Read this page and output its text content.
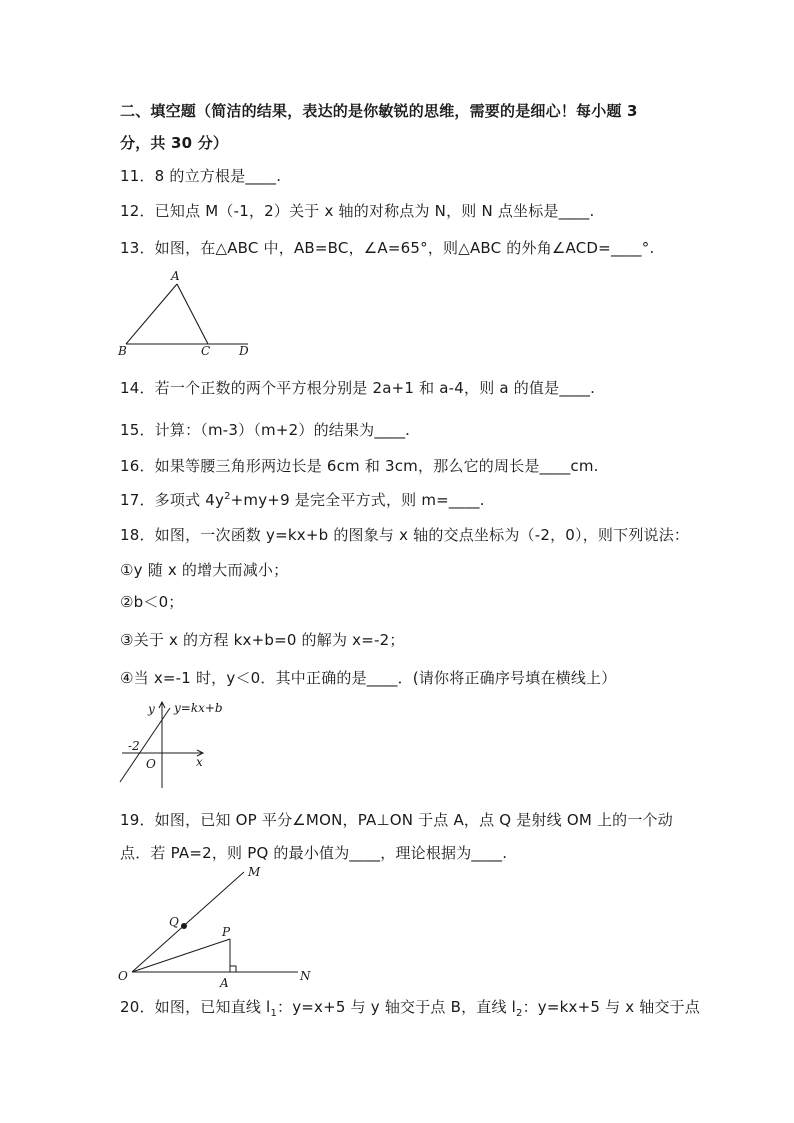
二、填空题（简洁的结果，表达的是你敏锐的思维，需要的是细心！每小题 3
分，共 30 分）
11．8 的立方根是____.
12．已知点 M（-1，2）关于 x 轴的对称点为 N，则 N 点坐标是____.
13．如图，在△ABC 中，AB=BC，∠A=65°，则△ABC 的外角∠ACD=____°.
A
B	C D
14．若一个正数的两个平方根分别是 2a+1 和 a-4，则 a 的值是____.
15．计算：（m-3）（m+2）的结果为____.
16．如果等腰三角形两边长是 6cm 和 3cm，那么它的周长是____cm.
17．多项式 $4y^2+my+9$ 是完全平方式，则 m=____.
18．如图，一次函数 y=kx+b 的图象与 x 轴的交点坐标为（-2，0），则下列说法：
①y 随 x 的增大而减小；
②b＜0；
③关于 x 的方程 kx+b=0 的解为 x=-2；
④当 x=-1 时，y＜0．其中正确的是____．(请你将正确序号填在横线上）
y y=kx+b
-2
O	x
19．如图，已知 OP 平分∠MON，PA⊥ON 于点 A，点 Q 是射线 OM 上的一个动
点．若 PA=2，则 PQ 的最小值为____，理论根据为____.
M
Q
P
O	A	N
20．如图，已知直线 $l_1$：y=x+5 与 y 轴交于点 B，直线 $l_2$：y=kx+5 与 x 轴交于点
